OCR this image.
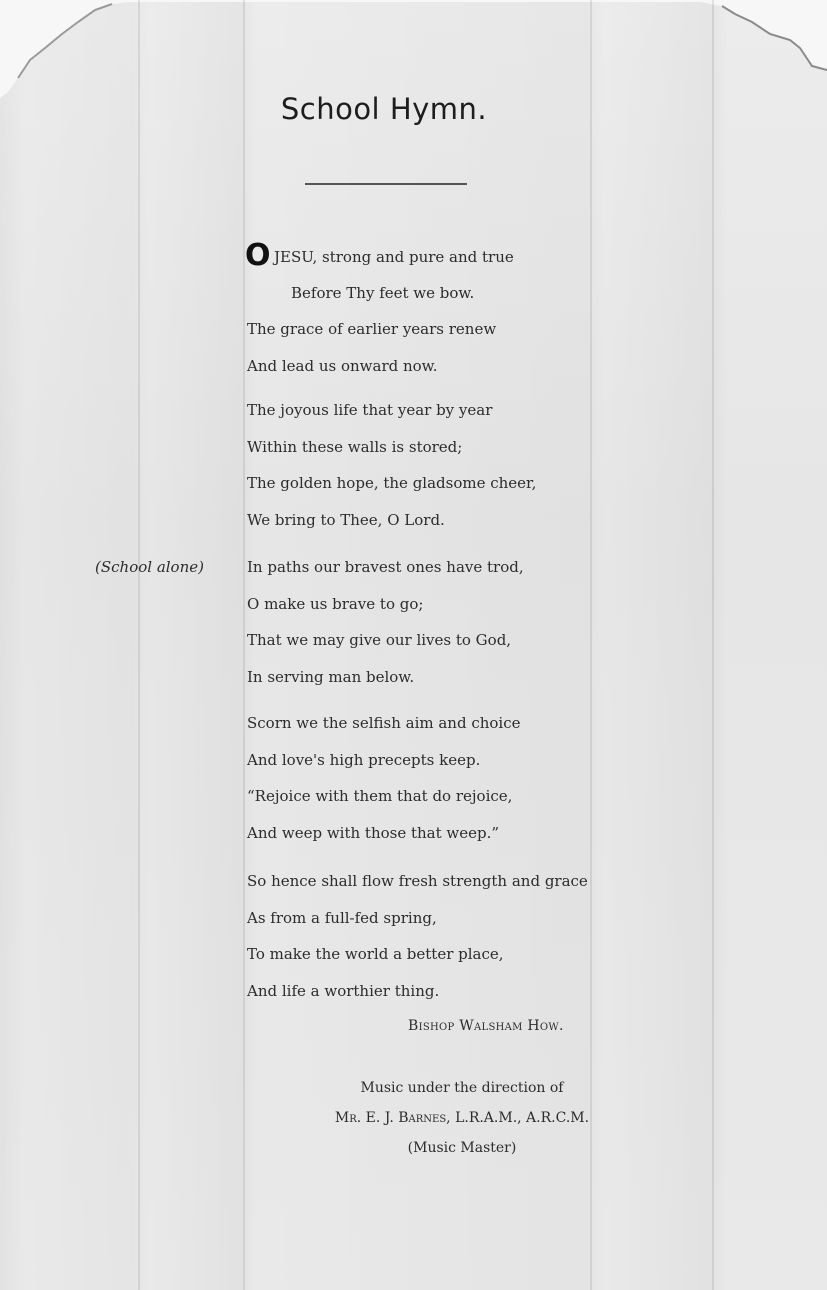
School Hymn.
OJESU, strong and pure and true
Before Thy feet we bow.
The grace of earlier years renew
And lead us onward now.
The joyous life that year by year
Within these walls is stored;
The golden hope, the gladsome cheer,
We bring to Thee, O Lord.
(School alone)	In paths our bravest ones have trod,
O make us brave to go;
That we may give our lives to God,
In serving man below.
Scorn we the selfish aim and choice
And love's high precepts keep.
“Rejoice with them that do rejoice,
And weep with those that weep.”
So hence shall flow fresh strength and grace
As from a full-fed spring,
To make the world a better place,
And life a worthier thing.
Bishop Walsham How.
Music under the direction of
Mr. E. J. Barnes, L.R.A.M., A.R.C.M.
(Music Master)
